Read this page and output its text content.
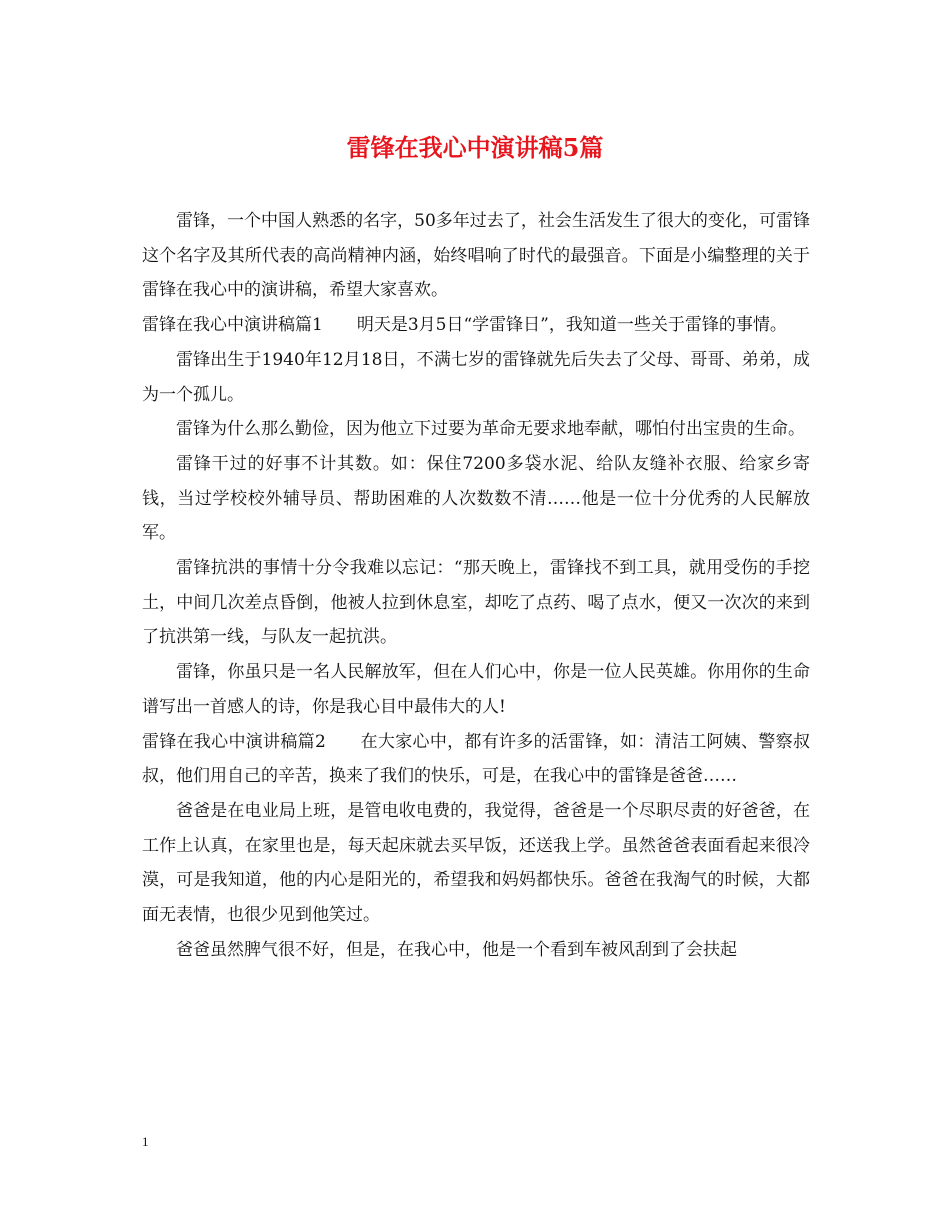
雷锋在我心中演讲稿5篇

雷锋，一个中国人熟悉的名字，50多年过去了，社会生活发生了很大的变化，可雷锋这个名字及其所代表的高尚精神内涵，始终唱响了时代的最强音。下面是小编整理的关于雷锋在我心中的演讲稿，希望大家喜欢。

雷锋在我心中演讲稿篇1　　明天是3月5日“学雷锋日”，我知道一些关于雷锋的事情。

雷锋出生于1940年12月18日，不满七岁的雷锋就先后失去了父母、哥哥、弟弟，成为一个孤儿。

雷锋为什么那么勤俭，因为他立下过要为革命无要求地奉献，哪怕付出宝贵的生命。

雷锋干过的好事不计其数。如：保住7200多袋水泥、给队友缝补衣服、给家乡寄钱，当过学校校外辅导员、帮助困难的人次数数不清……他是一位十分优秀的人民解放军。

雷锋抗洪的事情十分令我难以忘记：“那天晚上，雷锋找不到工具，就用受伤的手挖土，中间几次差点昏倒，他被人拉到休息室，却吃了点药、喝了点水，便又一次次的来到了抗洪第一线，与队友一起抗洪。

雷锋，你虽只是一名人民解放军，但在人们心中，你是一位人民英雄。你用你的生命谱写出一首感人的诗，你是我心目中最伟大的人!

雷锋在我心中演讲稿篇2　　在大家心中，都有许多的活雷锋，如：清洁工阿姨、警察叔叔，他们用自己的辛苦，换来了我们的快乐，可是，在我心中的雷锋是爸爸……

爸爸是在电业局上班，是管电收电费的，我觉得，爸爸是一个尽职尽责的好爸爸，在工作上认真，在家里也是，每天起床就去买早饭，还送我上学。虽然爸爸表面看起来很冷漠，可是我知道，他的内心是阳光的，希望我和妈妈都快乐。爸爸在我淘气的时候，大都面无表情，也很少见到他笑过。

爸爸虽然脾气很不好，但是，在我心中，他是一个看到车被风刮到了会扶起

1
